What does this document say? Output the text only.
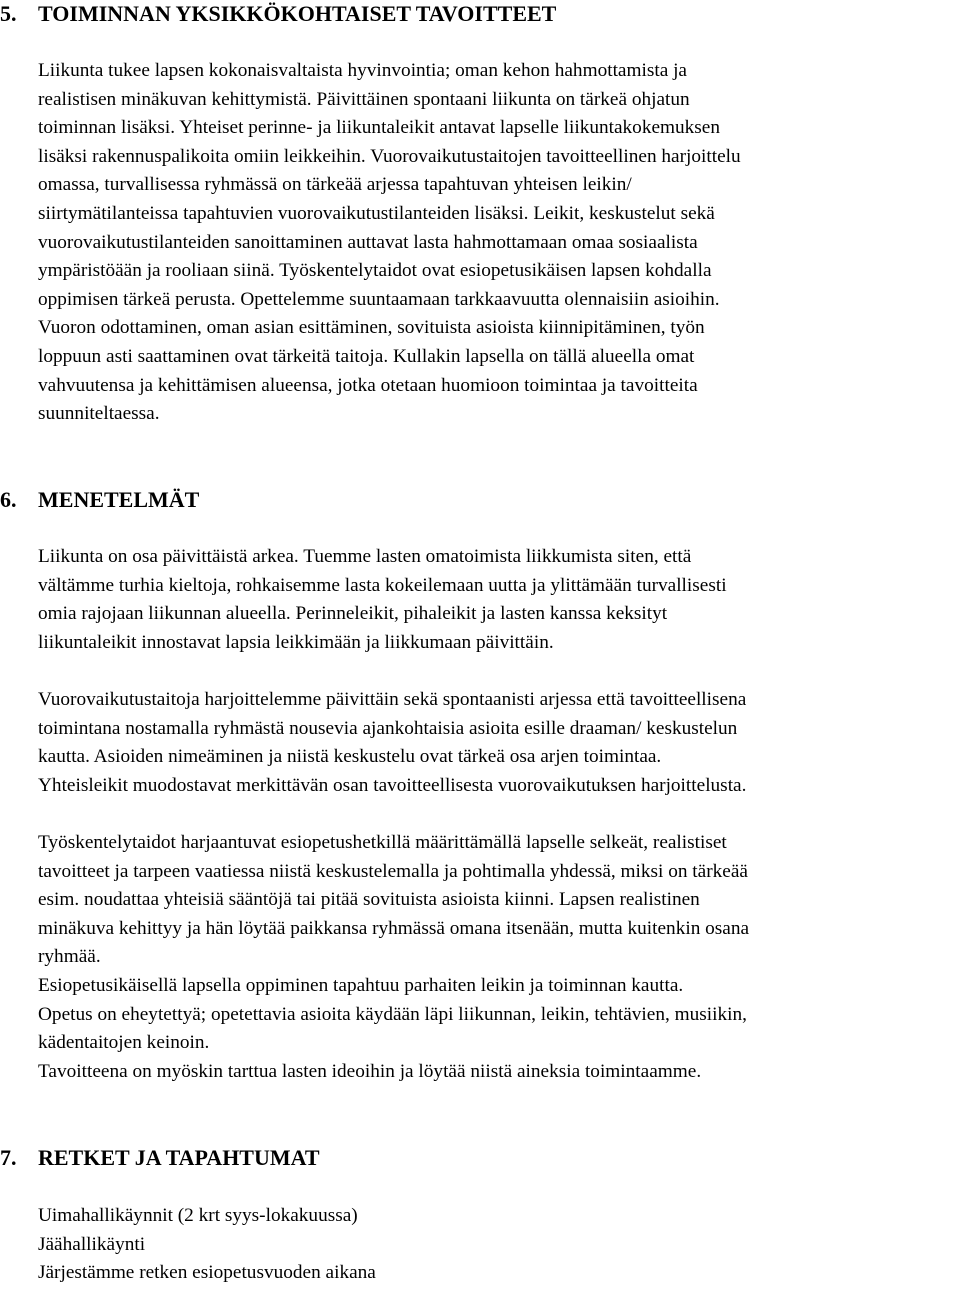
5. TOIMINNAN YKSIKKÖKOHTAISET TAVOITTEET
Liikunta tukee lapsen kokonaisvaltaista hyvinvointia; oman kehon hahmottamista ja
realistisen minäkuvan kehittymistä. Päivittäinen spontaani liikunta on tärkeä ohjatun
toiminnan lisäksi. Yhteiset perinne- ja liikuntaleikit antavat lapselle liikuntakokemuksen
lisäksi rakennuspalikoita omiin leikkeihin. Vuorovaikutustaitojen tavoitteellinen harjoittelu
omassa, turvallisessa ryhmässä on tärkeää arjessa tapahtuvan yhteisen leikin/
siirtymätilanteissa tapahtuvien vuorovaikutustilanteiden lisäksi. Leikit, keskustelut sekä
vuorovaikutustilanteiden sanoittaminen auttavat lasta hahmottamaan omaa sosiaalista
ympäristöään ja rooliaan siinä. Työskentelytaidot ovat esiopetusikäisen lapsen kohdalla
oppimisen tärkeä perusta. Opettelemme suuntaamaan tarkkaavuutta olennaisiin asioihin.
Vuoron odottaminen, oman asian esittäminen, sovituista asioista kiinnipitäminen, työn
loppuun asti saattaminen ovat tärkeitä taitoja. Kullakin lapsella on tällä alueella omat
vahvuutensa ja kehittämisen alueensa, jotka otetaan huomioon toimintaa ja tavoitteita
suunniteltaessa.
6. MENETELMÄT
Liikunta on osa päivittäistä arkea. Tuemme lasten omatoimista liikkumista siten, että
vältämme turhia kieltoja, rohkaisemme lasta kokeilemaan uutta ja ylittämään turvallisesti
omia rajojaan liikunnan alueella. Perinneleikit, pihaleikit ja lasten kanssa keksityt
liikuntaleikit innostavat lapsia leikkimään ja liikkumaan päivittäin.
Vuorovaikutustaitoja harjoittelemme päivittäin sekä spontaanisti arjessa että tavoitteellisena
toimintana nostamalla ryhmästä nousevia ajankohtaisia asioita esille draaman/ keskustelun
kautta. Asioiden nimeäminen ja niistä keskustelu ovat tärkeä osa arjen toimintaa.
Yhteisleikit muodostavat merkittävän osan tavoitteellisesta vuorovaikutuksen harjoittelusta.
Työskentelytaidot harjaantuvat esiopetushetkillä määrittämällä lapselle selkeät, realistiset
tavoitteet ja tarpeen vaatiessa niistä keskustelemalla ja pohtimalla yhdessä, miksi on tärkeää
esim. noudattaa yhteisiä sääntöjä tai pitää sovituista asioista kiinni. Lapsen realistinen
minäkuva kehittyy ja hän löytää paikkansa ryhmässä omana itsenään, mutta kuitenkin osana
ryhmää.
Esiopetusikäisellä lapsella oppiminen tapahtuu parhaiten leikin ja toiminnan kautta.
Opetus on eheytettyä; opetettavia asioita käydään läpi liikunnan, leikin, tehtävien, musiikin,
kädentaitojen keinoin.
Tavoitteena on myöskin tarttua lasten ideoihin ja löytää niistä aineksia toimintaamme.
7. RETKET JA TAPAHTUMAT
Uimahallikäynnit (2 krt syys-lokakuussa)
Jäähallikäynti
Järjestämme retken esiopetusvuoden aikana
